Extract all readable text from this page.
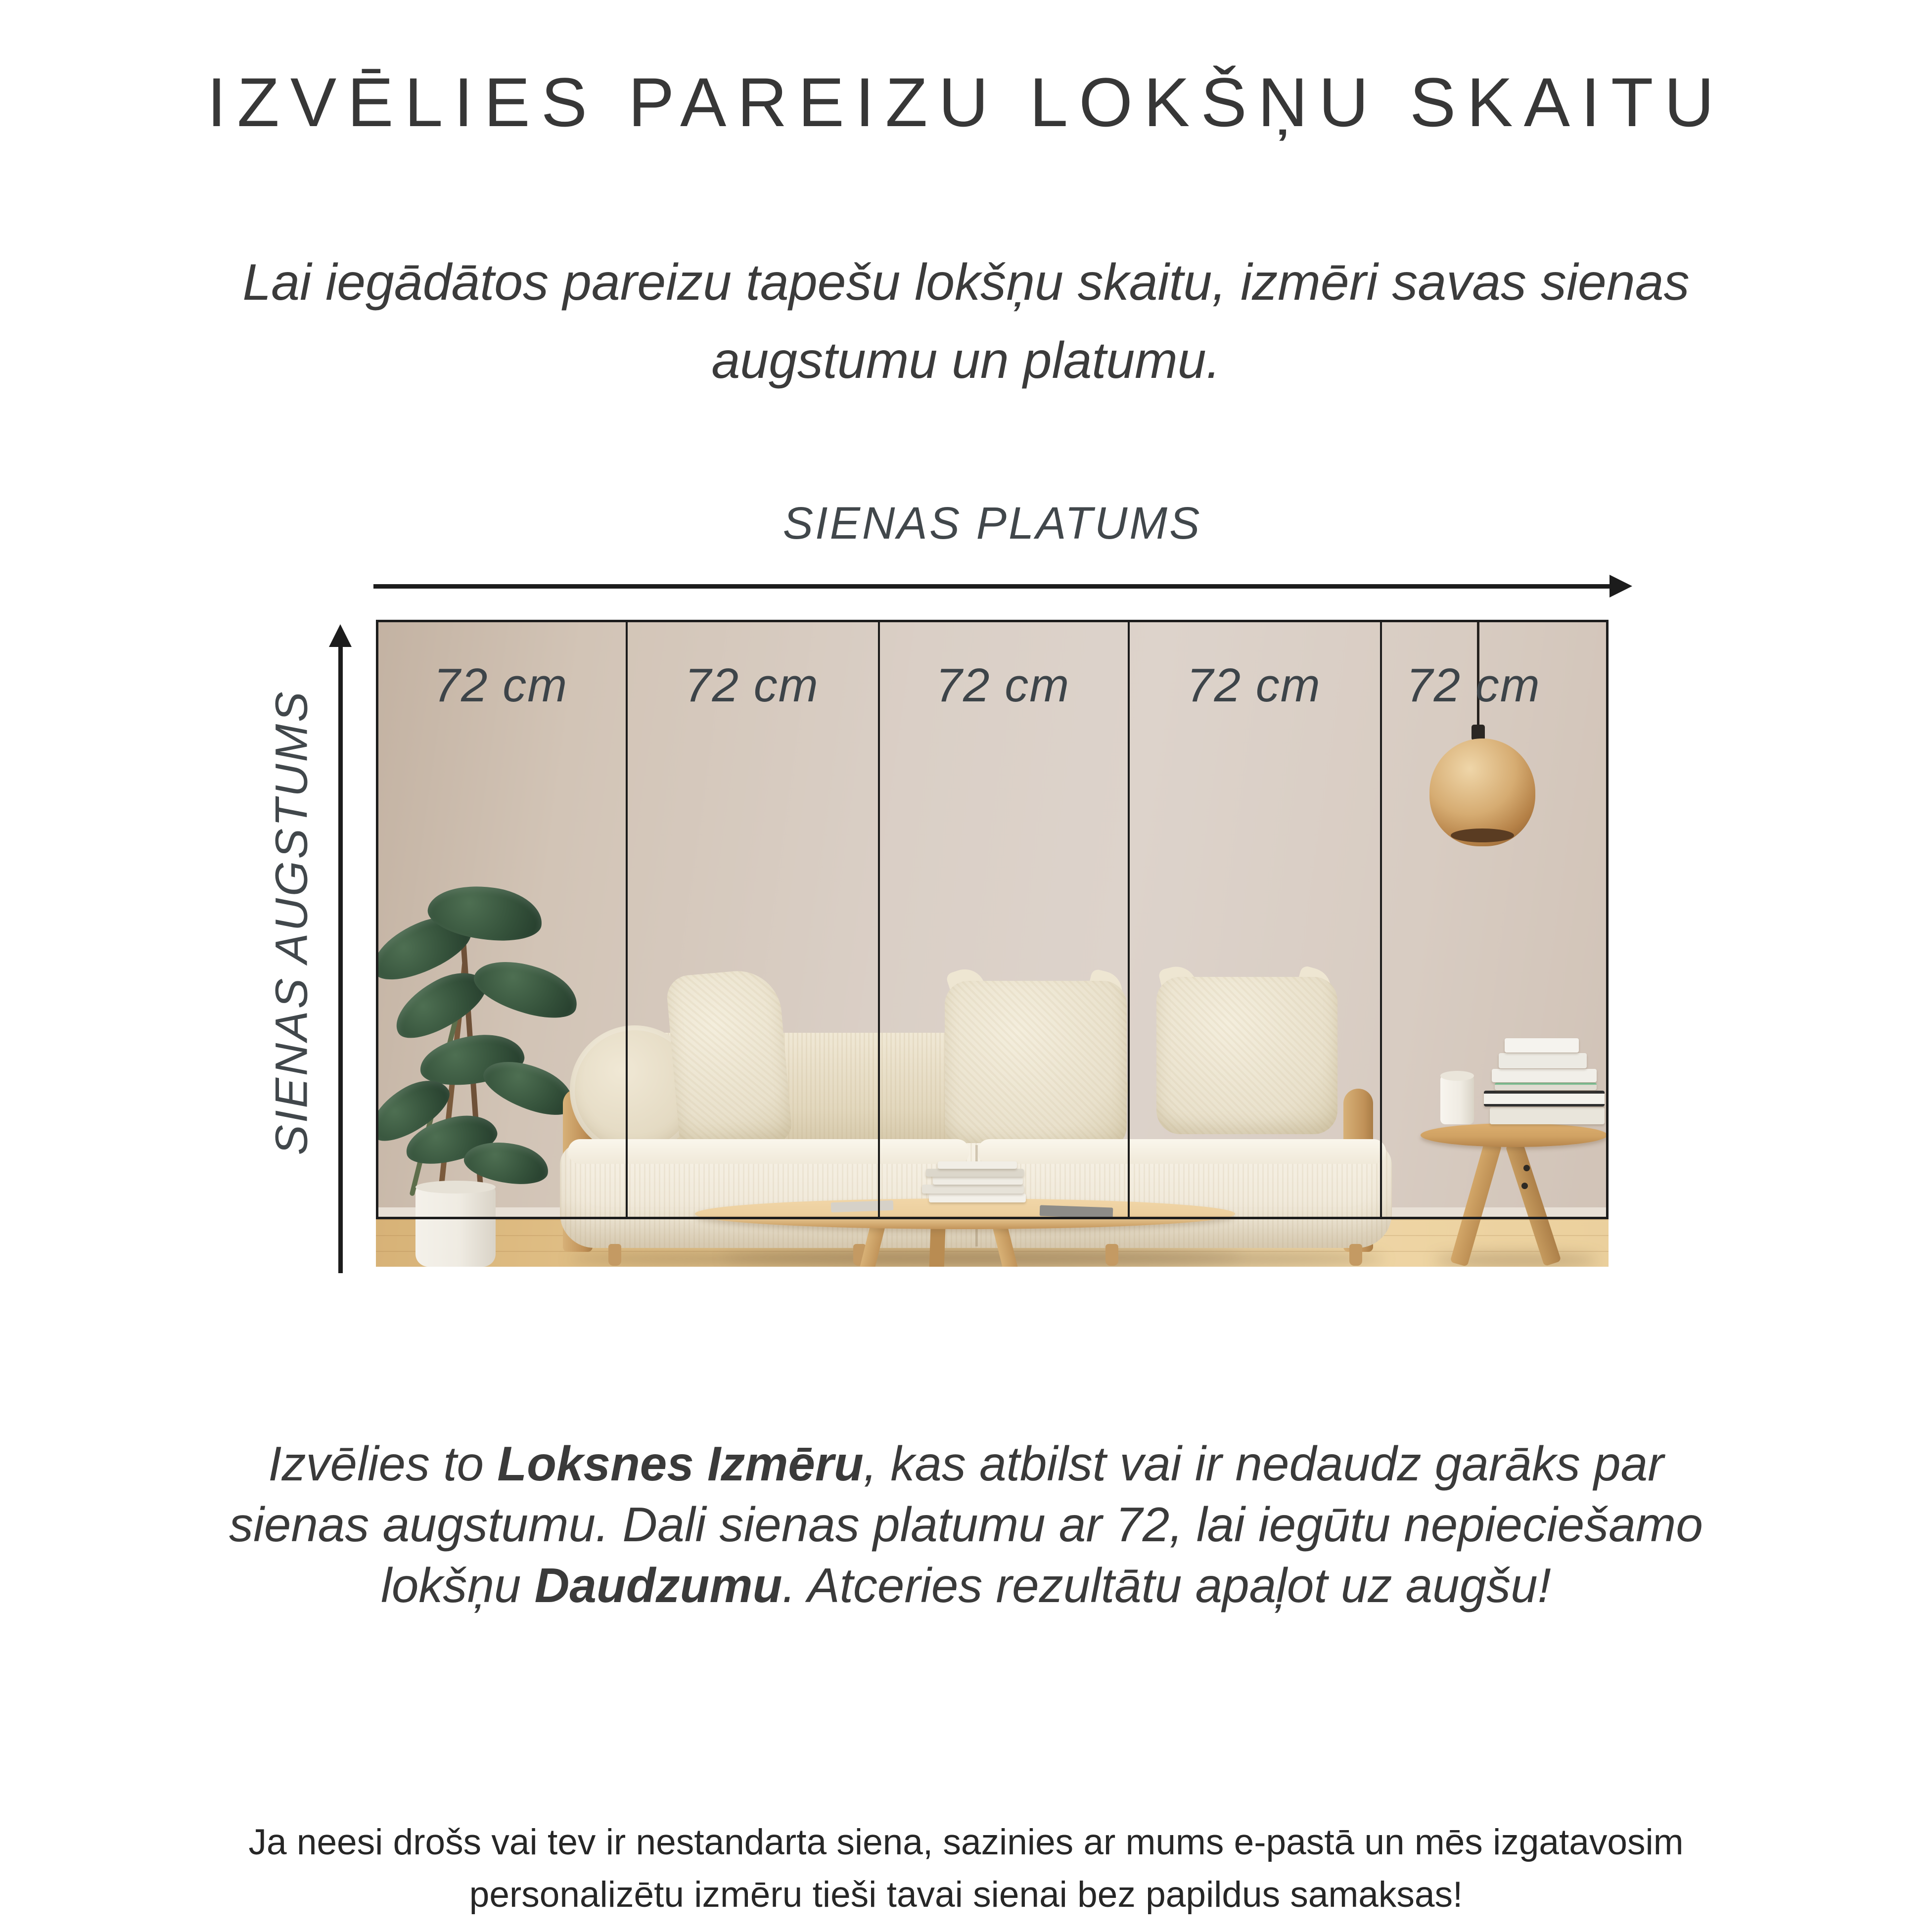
IZVĒLIES PAREIZU LOKŠŅU SKAITU
Lai iegādātos pareizu tapešu lokšņu skaitu, izmēri savas sienas
augstumu un platumu.
SIENAS PLATUMS
SIENAS AUGSTUMS
72 cm	72 cm	72 cm	72 cm	72 cm
Izvēlies to Loksnes Izmēru, kas atbilst vai ir nedaudz garāks par
sienas augstumu. Dali sienas platumu ar 72, lai iegūtu nepieciešamo
lokšņu Daudzumu. Atceries rezultātu apaļot uz augšu!
Ja neesi drošs vai tev ir nestandarta siena, sazinies ar mums e-pastā un mēs izgatavosim
personalizētu izmēru tieši tavai sienai bez papildus samaksas!
